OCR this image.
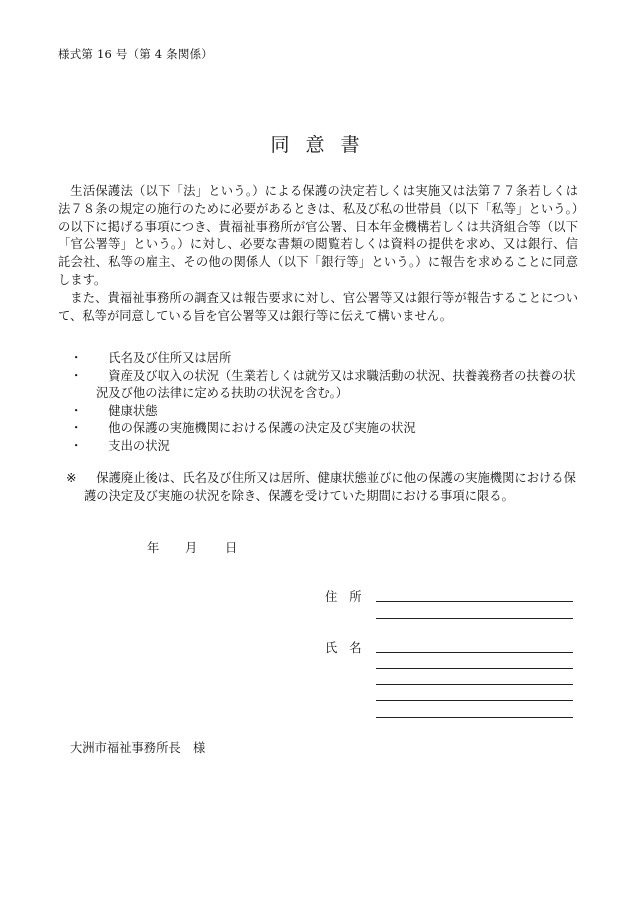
様式第 16 号（第 4 条関係）
同意書

生活保護法（以下「法」という。）による保護の決定若しくは実施又は法第７７条若しくは法７８条の規定の施行のために必要があるときは、私及び私の世帯員（以下「私等」という。）の以下に掲げる事項につき、貴福祉事務所が官公署、日本年金機構若しくは共済組合等（以下「官公署等」という。）に対し、必要な書類の閲覧若しくは資料の提供を求め、又は銀行、信託会社、私等の雇主、その他の関係人（以下「銀行等」という。）に報告を求めることに同意します。

また、貴福祉事務所の調査又は報告要求に対し、官公署等又は銀行等が報告することについて、私等が同意している旨を官公署等又は銀行等に伝えて構いません。

・	氏名及び住所又は居所
・	資産及び収入の状況（生業若しくは就労又は求職活動の状況、扶養義務者の扶養の状況及び他の法律に定める扶助の状況を含む。）
・	健康状態
・	他の保護の実施機関における保護の決定及び実施の状況
・	支出の状況
※	保護廃止後は、氏名及び住所又は居所、健康状態並びに他の保護の実施機関における保護の決定及び実施の状況を除き、保護を受けていた期間における事項に限る。
年 月 日
住所
氏名
大洲市福祉事務所長　様
